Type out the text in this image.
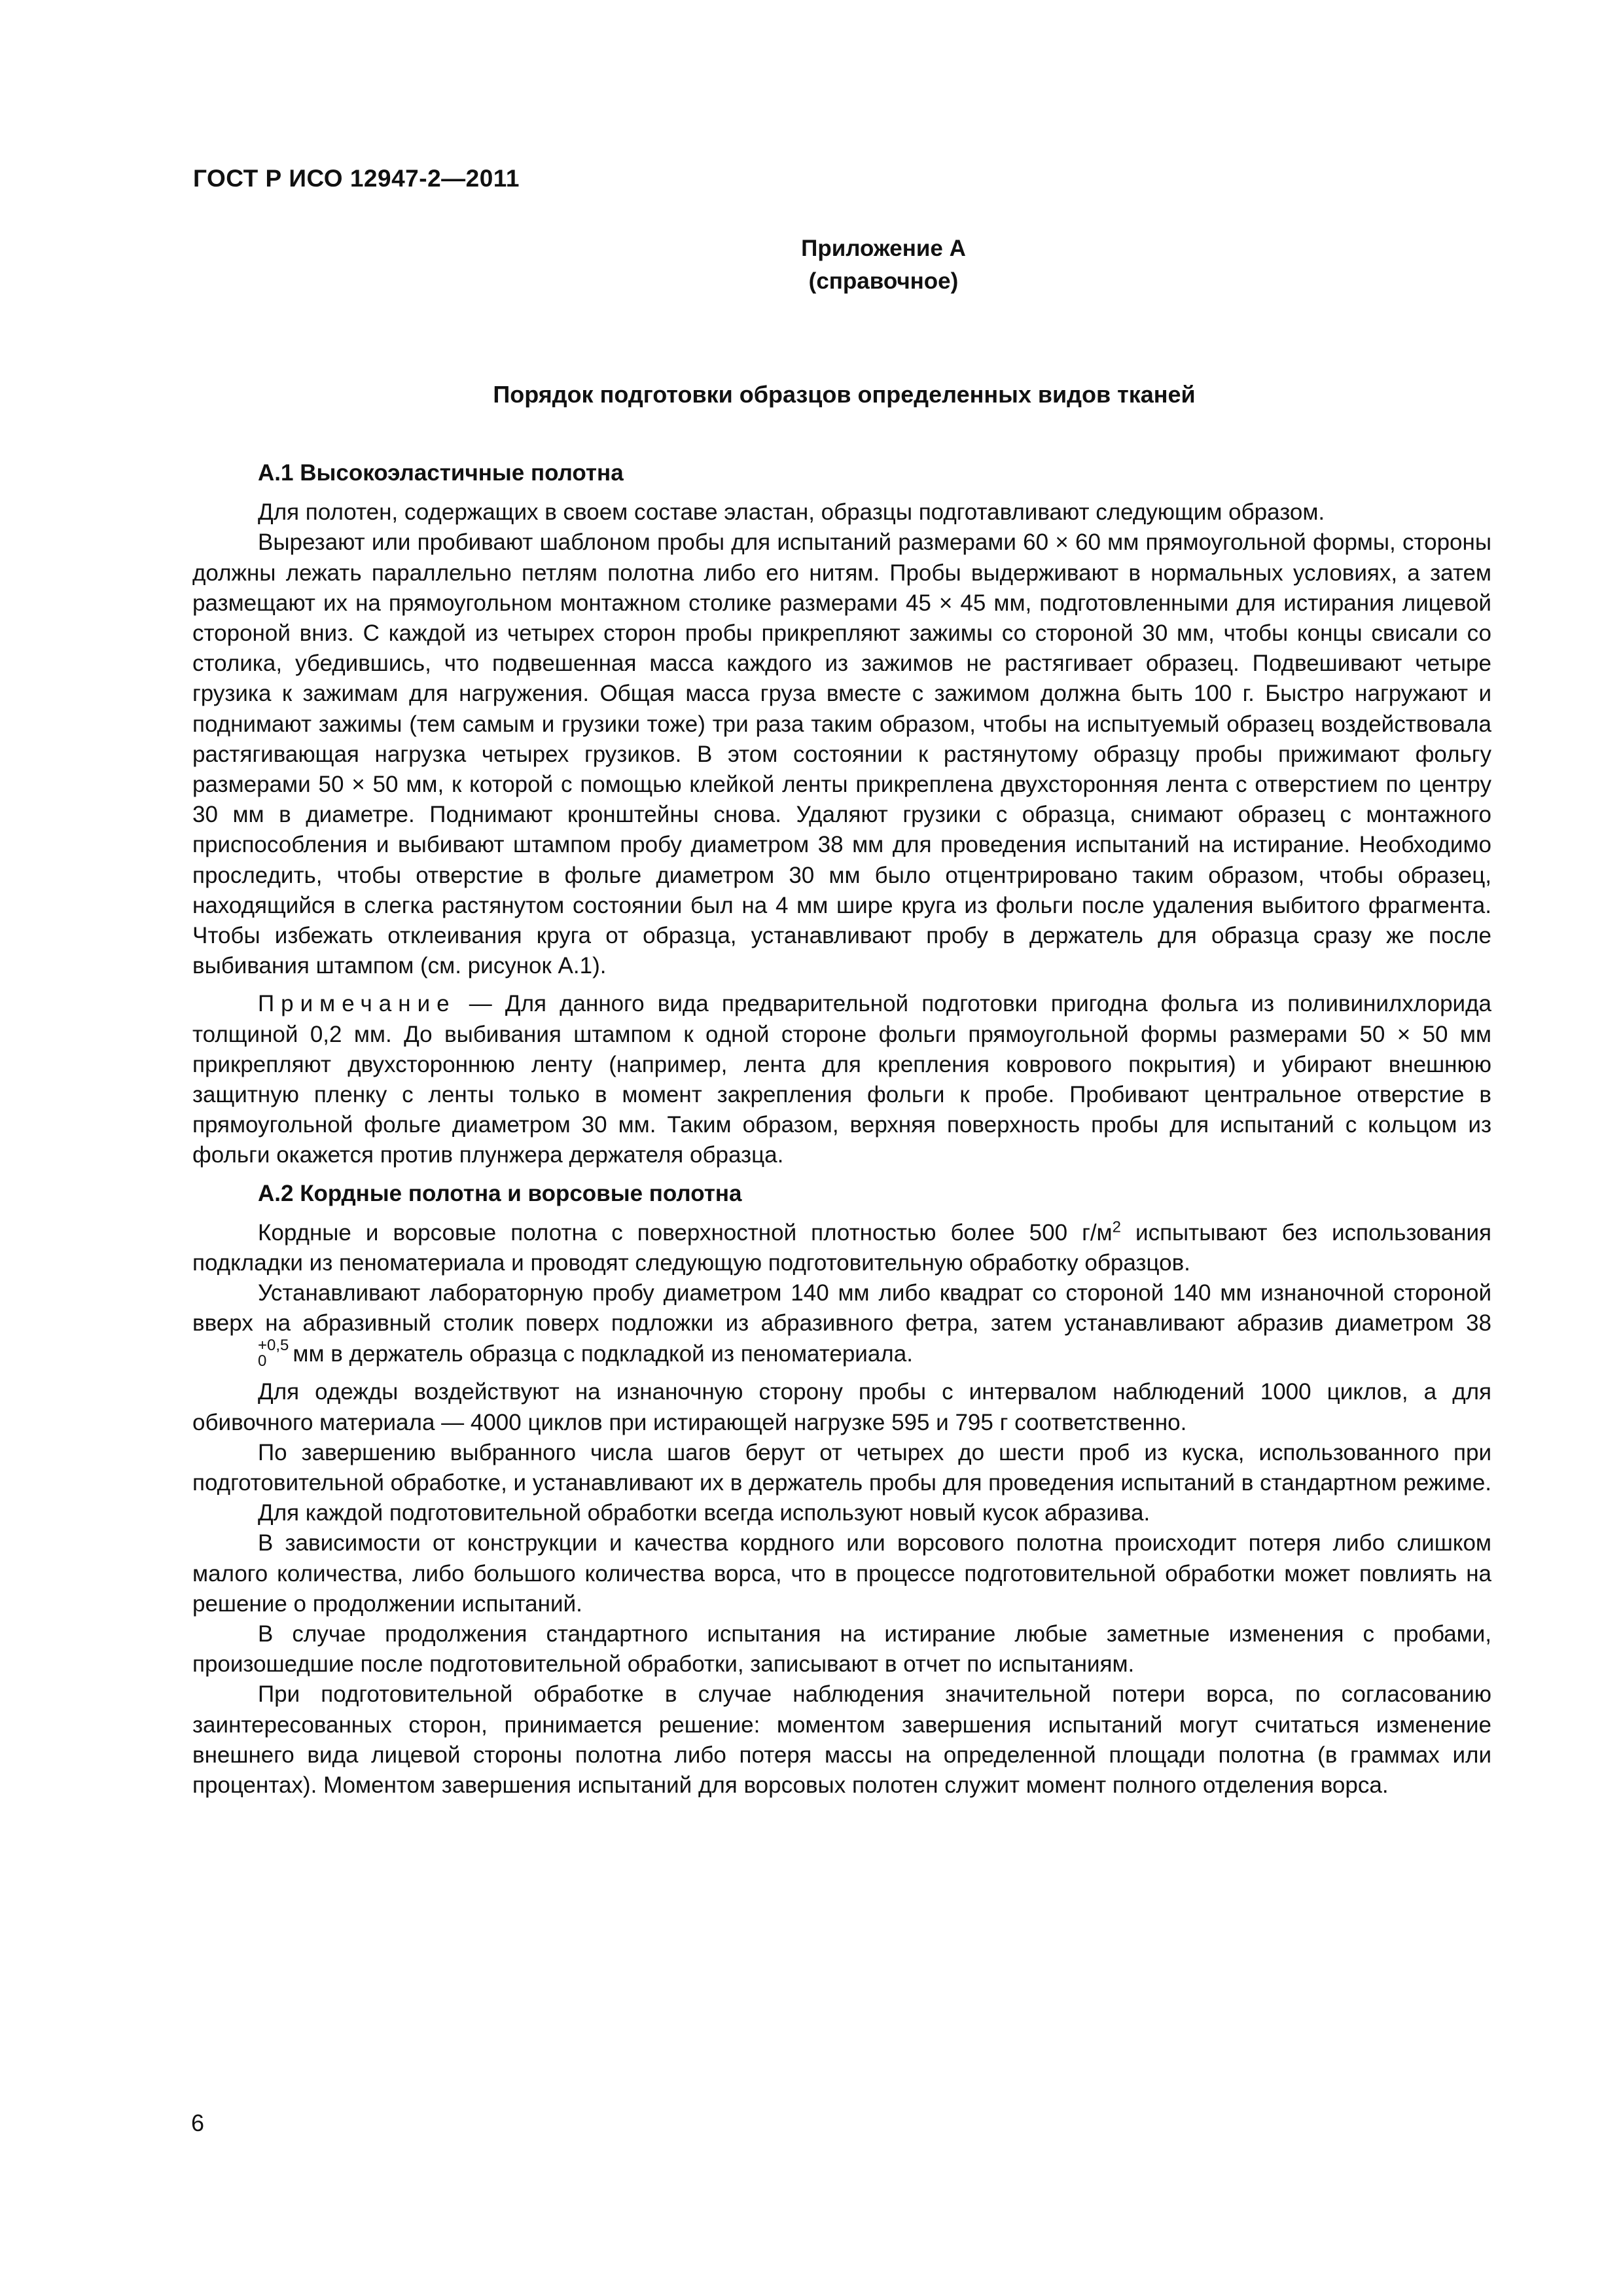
ГОСТ Р ИСО 12947-2—2011
Приложение А
(справочное)
Порядок подготовки образцов определенных видов тканей
А.1 Высокоэластичные полотна

Для полотен, содержащих в своем составе эластан, образцы подготавливают следующим образом.

Вырезают или пробивают шаблоном пробы для испытаний размерами 60 × 60 мм прямоугольной формы, стороны должны лежать параллельно петлям полотна либо его нитям. Пробы выдерживают в нормальных условиях, а затем размещают их на прямоугольном монтажном столике размерами 45 × 45 мм, подготовленными для истирания лицевой стороной вниз. С каждой из четырех сторон пробы прикрепляют зажимы со стороной 30 мм, чтобы концы свисали со столика, убедившись, что подвешенная масса каждого из зажимов не растягивает образец. Подвешивают четыре грузика к зажимам для нагружения. Общая масса груза вместе с зажимом должна быть 100 г. Быстро нагружают и поднимают зажимы (тем самым и грузики тоже) три раза таким образом, чтобы на испытуемый образец воздействовала растягивающая нагрузка четырех грузиков. В этом состоянии к растянутому образцу пробы прижимают фольгу размерами 50 × 50 мм, к которой с помощью клейкой ленты прикреплена двухсторонняя лента с отверстием по центру 30 мм в диаметре. Поднимают кронштейны снова. Удаляют грузики с образца, снимают образец с монтажного приспособления и выбивают штампом пробу диаметром 38 мм для проведения испытаний на истирание. Необходимо проследить, чтобы отверстие в фольге диаметром 30 мм было отцентрировано таким образом, чтобы образец, находящийся в слегка растянутом состоянии был на 4 мм шире круга из фольги после удаления выбитого фрагмента. Чтобы избежать отклеивания круга от образца, устанавливают пробу в держатель для образца сразу же после выбивания штампом (см. рисунок А.1).

Примечание — Для данного вида предварительной подготовки пригодна фольга из поливинилхлорида толщиной 0,2 мм. До выбивания штампом к одной стороне фольги прямоугольной формы размерами 50 × 50 мм прикрепляют двухстороннюю ленту (например, лента для крепления коврового покрытия) и убирают внешнюю защитную пленку с ленты только в момент закрепления фольги к пробе. Пробивают центральное отверстие в прямоугольной фольге диаметром 30 мм. Таким образом, верхняя поверхность пробы для испытаний с кольцом из фольги окажется против плунжера держателя образца.

А.2 Кордные полотна и ворсовые полотна

Кордные и ворсовые полотна с поверхностной плотностью более 500 $г/м^2$ испытывают без использования подкладки из пеноматериала и проводят следующую подготовительную обработку образцов.

Устанавливают лабораторную пробу диаметром 140 мм либо квадрат со стороной 140 мм изнаночной стороной вверх на абразивный столик поверх подложки из абразивного фетра, затем устанавливают абразив диаметром 38
+0,5
0	мм в держатель образца с подкладкой из пеноматериала.

Для одежды воздействуют на изнаночную сторону пробы с интервалом наблюдений 1000 циклов, а для обивочного материала — 4000 циклов при истирающей нагрузке 595 и 795 г соответственно.

По завершению выбранного числа шагов берут от четырех до шести проб из куска, использованного при подготовительной обработке, и устанавливают их в держатель пробы для проведения испытаний в стандартном режиме.

Для каждой подготовительной обработки всегда используют новый кусок абразива.

В зависимости от конструкции и качества кордного или ворсового полотна происходит потеря либо слишком малого количества, либо большого количества ворса, что в процессе подготовительной обработки может повлиять на решение о продолжении испытаний.

В случае продолжения стандартного испытания на истирание любые заметные изменения с пробами, произошедшие после подготовительной обработки, записывают в отчет по испытаниям.

При подготовительной обработке в случае наблюдения значительной потери ворса, по согласованию заинтересованных сторон, принимается решение: моментом завершения испытаний могут считаться изменение внешнего вида лицевой стороны полотна либо потеря массы на определенной площади полотна (в граммах или процентах). Моментом завершения испытаний для ворсовых полотен служит момент полного отделения ворса.

6
